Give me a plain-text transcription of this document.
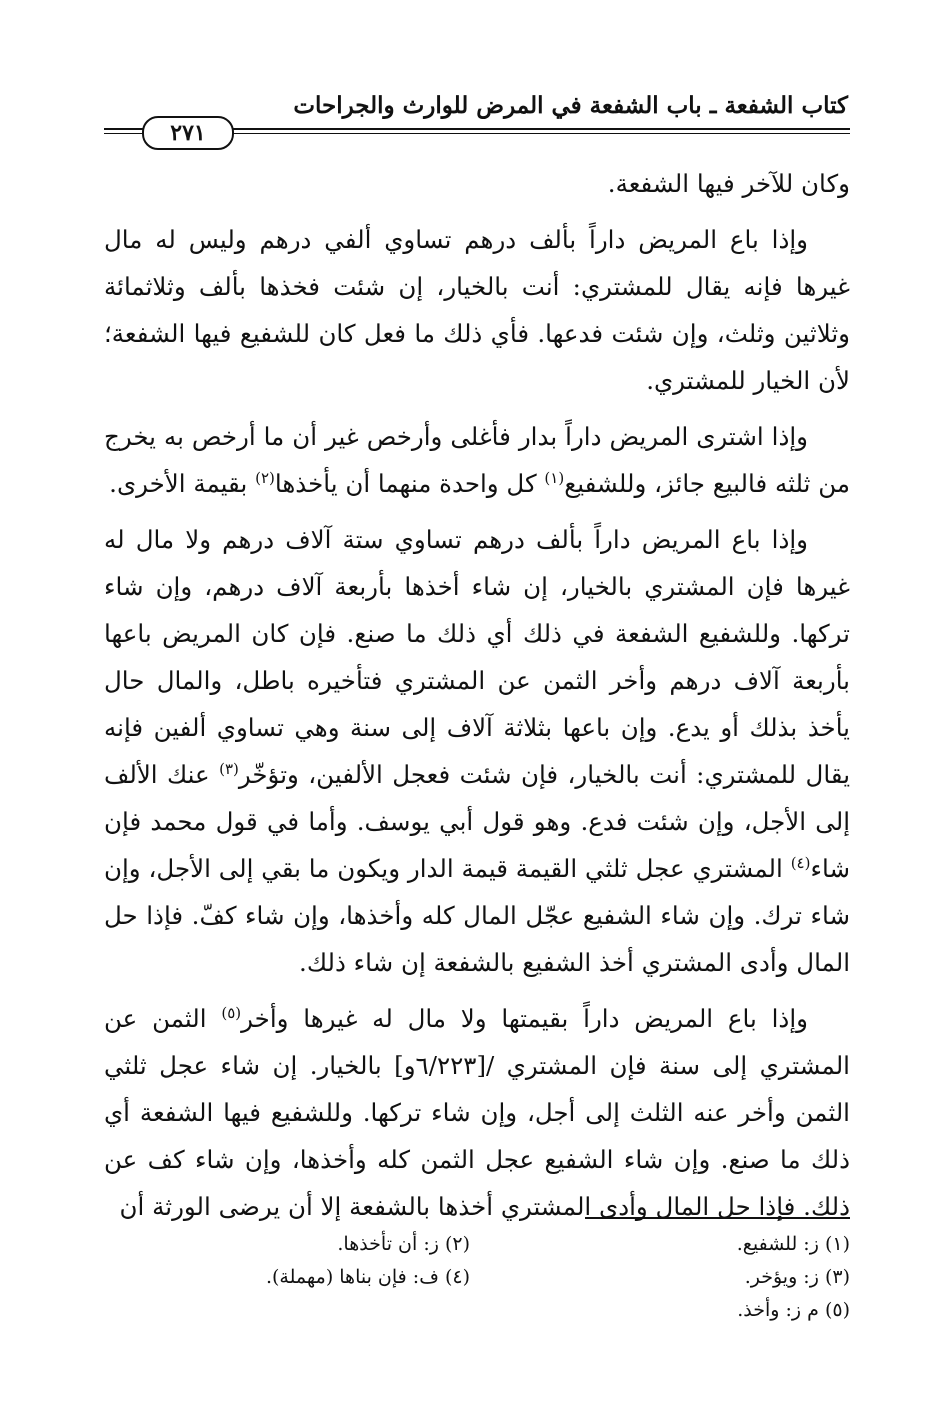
كتاب الشفعة ـ باب الشفعة في المرض للوارث والجراحات
٢٧١

وكان للآخر فيها الشفعة.

وإذا باع المريض داراً بألف درهم تساوي ألفي درهم وليس له مال غيرها فإنه يقال للمشتري: أنت بالخيار، إن شئت فخذها بألف وثلاثمائة وثلاثين وثلث، وإن شئت فدعها. فأي ذلك ما فعل كان للشفيع فيها الشفعة؛ لأن الخيار للمشتري.

وإذا اشترى المريض داراً بدار فأغلى وأرخص غير أن ما أرخص به يخرج من ثلثه فالبيع جائز، وللشفيع$^{(١)}$ كل واحدة منهما أن يأخذها$^{(٢)}$ بقيمة الأخرى.

وإذا باع المريض داراً بألف درهم تساوي ستة آلاف درهم ولا مال له غيرها فإن المشتري بالخيار، إن شاء أخذها بأربعة آلاف درهم، وإن شاء تركها. وللشفيع الشفعة في ذلك أي ذلك ما صنع. فإن كان المريض باعها بأربعة آلاف درهم وأخر الثمن عن المشتري فتأخيره باطل، والمال حال يأخذ بذلك أو يدع. وإن باعها بثلاثة آلاف إلى سنة وهي تساوي ألفين فإنه يقال للمشتري: أنت بالخيار، فإن شئت فعجل الألفين، وتؤخّر$^{(٣)}$ عنك الألف إلى الأجل، وإن شئت فدع. وهو قول أبي يوسف. وأما في قول محمد فإن شاء$^{(٤)}$ المشتري عجل ثلثي القيمة قيمة الدار ويكون ما بقي إلى الأجل، وإن شاء ترك. وإن شاء الشفيع عجّل المال كله وأخذها، وإن شاء كفّ. فإذا حل المال وأدى المشتري أخذ الشفيع بالشفعة إن شاء ذلك.

وإذا باع المريض داراً بقيمتها ولا مال له غيرها وأخر$^{(٥)}$ الثمن عن المشتري إلى سنة فإن المشتري /[٦/٢٢٣و] بالخيار. إن شاء عجل ثلثي الثمن وأخر عنه الثلث إلى أجل، وإن شاء تركها. وللشفيع فيها الشفعة أي ذلك ما صنع. وإن شاء الشفيع عجل الثمن كله وأخذها، وإن شاء كف عن ذلك. فإذا حل المال وأدى المشتري أخذها بالشفعة إلا أن يرضى الورثة أن

(١) ز: للشفيع.
(٢) ز: أن تأخذها.
(٣) ز: ويؤخر.
(٤) ف: فإن بناها (مهملة).
(٥) م ز: وأخذ.
